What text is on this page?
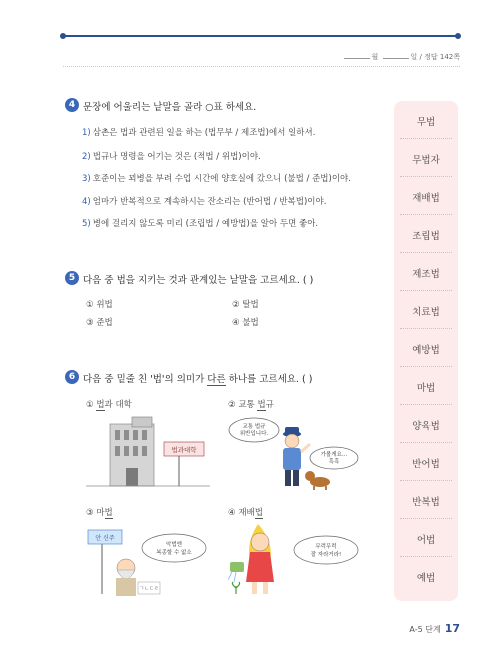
월	일 / 정답 142쪽
4 문장에 어울리는 낱말을 골라 ○표 하세요.
1) 삼촌은 법과 관련된 일을 하는 (법무부 / 제조법)에서 일하셔.
2) 법규나 명령을 어기는 것은 (적법 / 위법)이야.
3) 호준이는 꾀병을 부려 수업 시간에 양호실에 갔으니 (불법 / 준법)이야.
4) 엄마가 반복적으로 계속하시는 잔소리는 (반어법 / 반복법)이야.
5) 병에 걸리지 않도록 미리 (조립법 / 예방법)을 알아 두면 좋아.
5 다음 중 법을 지키는 것과 관계있는 낱말을 고르세요. ( )
① 위법	② 탈법
③ 준법	④ 불법
6 다음 중 밑줄 친 '법'의 의미가 다른 하나를 고르세요. ( )
① 법과 대학	② 교통 법규
③ 마법	④ 재배법
법과대학
교통 법규
위반입니다.
가볼게요…
흑흑
안 신주
악법엔
복종할 수 없소
ㄱㄴㄷㄹ
무럭무럭
잘 자라거라!
무법
무법자
재배법
조립법
제조법
치료법
예방법
마법
양육법
반어법
반복법
어법
예법
A-5 단계 17
